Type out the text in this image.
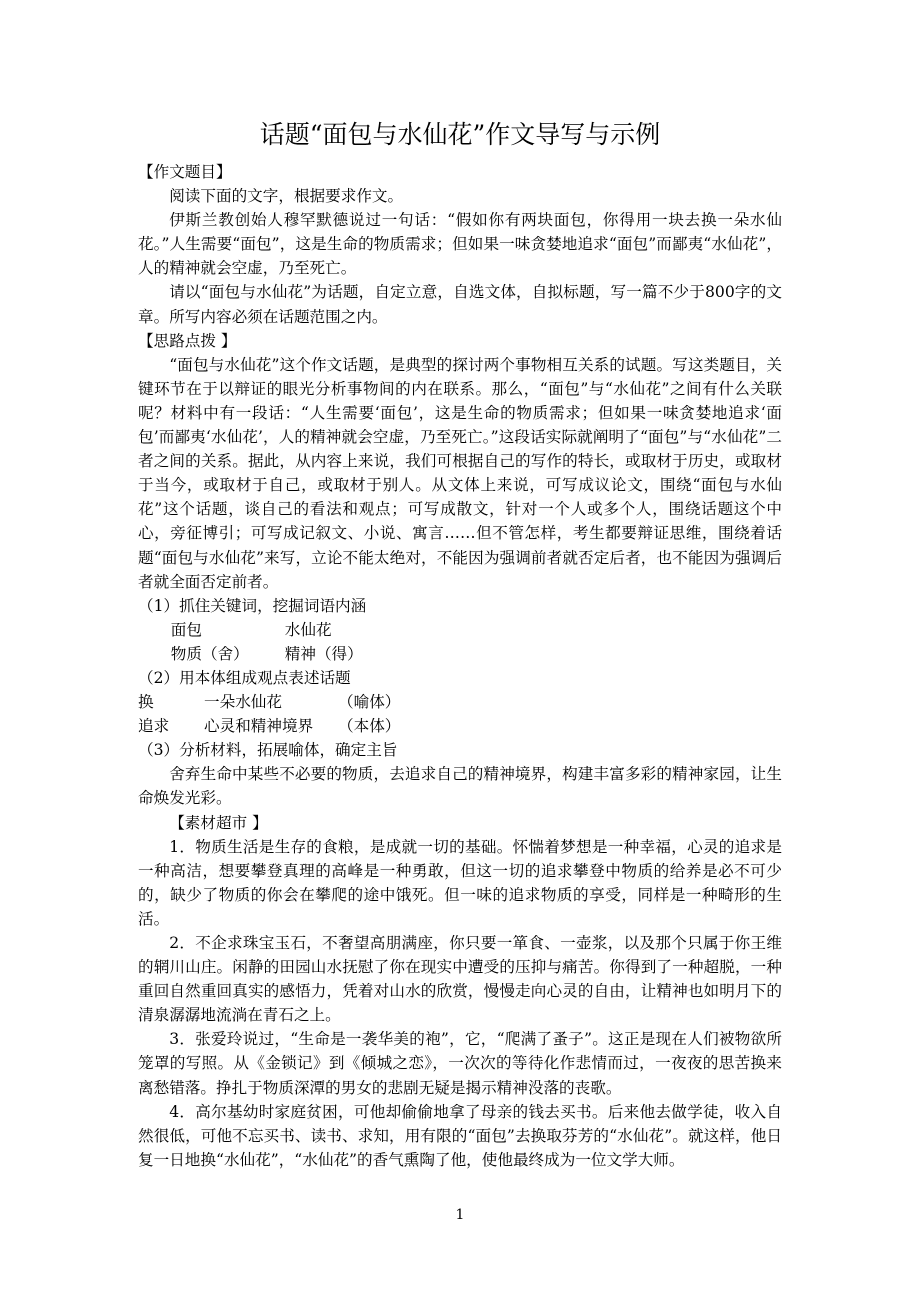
话题“面包与水仙花”作文导写与示例

【作文题目】

阅读下面的文字，根据要求作文。

伊斯兰教创始人穆罕默德说过一句话：“假如你有两块面包，你得用一块去换一朵水仙花。”人生需要“面包”，这是生命的物质需求；但如果一味贪婪地追求“面包”而鄙夷“水仙花”，人的精神就会空虚，乃至死亡。

请以“面包与水仙花”为话题，自定立意，自选文体，自拟标题，写一篇不少于800字的文章。所写内容必须在话题范围之内。

【思路点拨 】

“面包与水仙花”这个作文话题，是典型的探讨两个事物相互关系的试题。写这类题目，关键环节在于以辩证的眼光分析事物间的内在联系。那么，“面包”与“水仙花”之间有什么关联呢？材料中有一段话：“人生需要‘面包’，这是生命的物质需求；但如果一味贪婪地追求‘面包’而鄙夷‘水仙花’，人的精神就会空虚，乃至死亡。”这段话实际就阐明了“面包”与“水仙花”二者之间的关系。据此，从内容上来说，我们可根据自己的写作的特长，或取材于历史，或取材于当今，或取材于自己，或取材于别人。从文体上来说，可写成议论文，围绕“面包与水仙花”这个话题，谈自己的看法和观点；可写成散文，针对一个人或多个人，围绕话题这个中心，旁征博引；可写成记叙文、小说、寓言……但不管怎样，考生都要辩证思维，围绕着话题“面包与水仙花”来写，立论不能太绝对，不能因为强调前者就否定后者，也不能因为强调后者就全面否定前者。

（1）抓住关键词，挖掘词语内涵

面包	水仙花
物质（舍）	精神（得）

（2）用本体组成观点表述话题

换	一朵水仙花	（喻体）
追求	心灵和精神境界	（本体）

（3）分析材料，拓展喻体，确定主旨

舍弃生命中某些不必要的物质，去追求自己的精神境界，构建丰富多彩的精神家园，让生命焕发光彩。

【素材超市 】

1．物质生活是生存的食粮，是成就一切的基础。怀惴着梦想是一种幸福，心灵的追求是一种高洁，想要攀登真理的高峰是一种勇敢，但这一切的追求攀登中物质的给养是必不可少的，缺少了物质的你会在攀爬的途中饿死。但一味的追求物质的享受，同样是一种畸形的生活。

2．不企求珠宝玉石，不奢望高朋满座，你只要一箪食、一壶浆，以及那个只属于你王维的辋川山庄。闲静的田园山水抚慰了你在现实中遭受的压抑与痛苦。你得到了一种超脱，一种重回自然重回真实的感悟力，凭着对山水的欣赏，慢慢走向心灵的自由，让精神也如明月下的清泉潺潺地流淌在青石之上。

3．张爱玲说过，“生命是一袭华美的袍”，它，“爬满了蚤子”。这正是现在人们被物欲所笼罩的写照。从《金锁记》到《倾城之恋》，一次次的等待化作悲情而过，一夜夜的思苦换来离愁错落。挣扎于物质深潭的男女的悲剧无疑是揭示精神没落的丧歌。

4．高尔基幼时家庭贫困，可他却偷偷地拿了母亲的钱去买书。后来他去做学徒，收入自然很低，可他不忘买书、读书、求知，用有限的“面包”去换取芬芳的“水仙花”。就这样，他日复一日地换“水仙花”，“水仙花”的香气熏陶了他，使他最终成为一位文学大师。

1
